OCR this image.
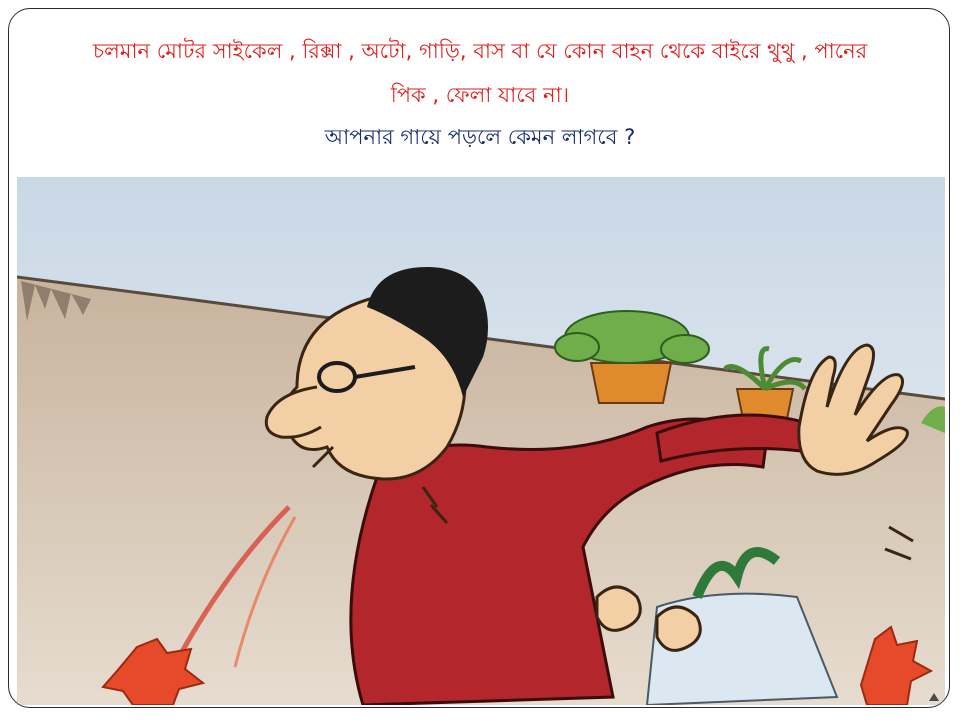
চলমান মোটর সাইকেল , রিক্সা , অটো, গাড়ি, বাস বা যে কোন বাহন থেকে বাইরে থুথু , পানের

পিক , ফেলা যাবে না।

আপনার গায়ে পড়লে কেমন লাগবে ?
